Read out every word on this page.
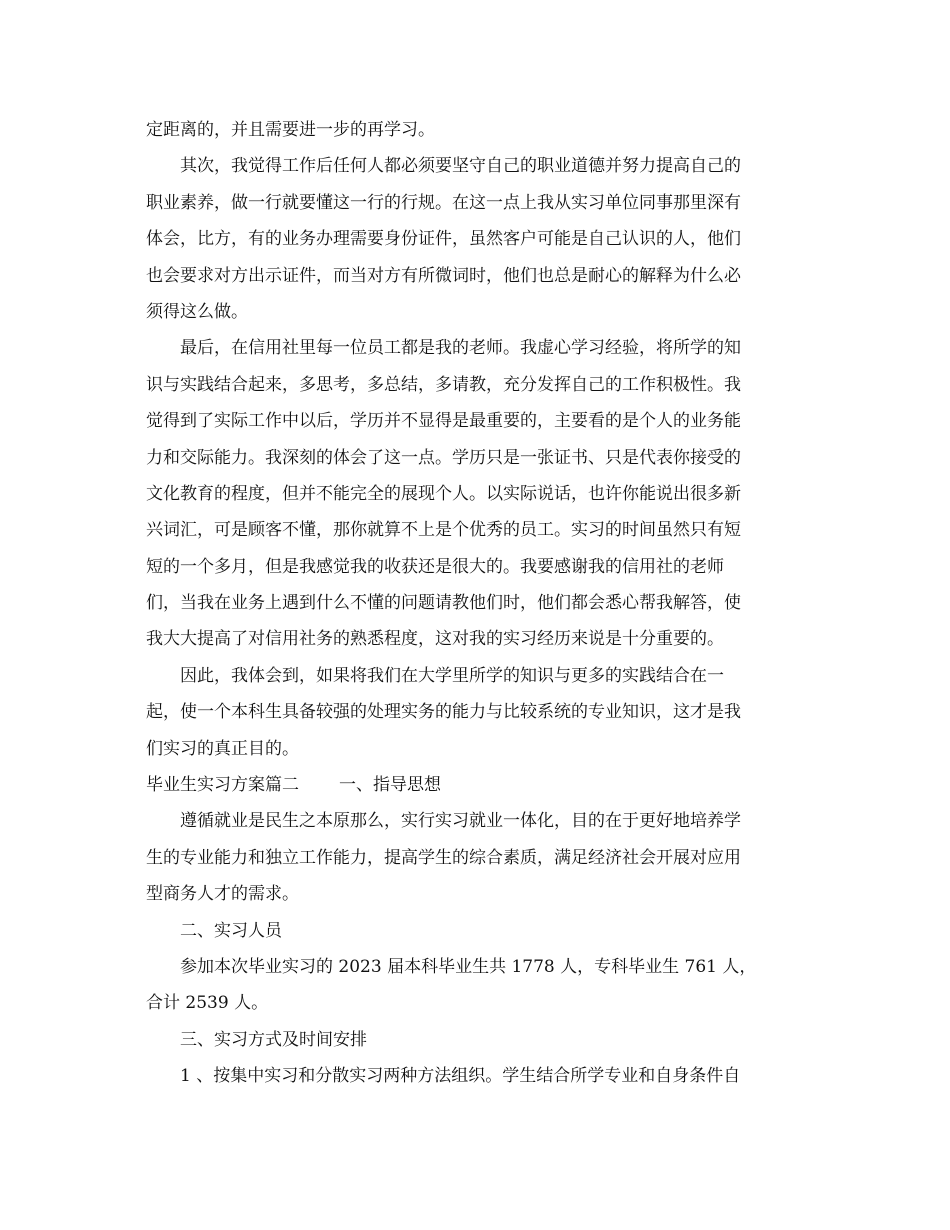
定距离的，并且需要进一步的再学习。
其次，我觉得工作后任何人都必须要坚守自己的职业道德并努力提高自己的
职业素养，做一行就要懂这一行的行规。在这一点上我从实习单位同事那里深有
体会，比方，有的业务办理需要身份证件，虽然客户可能是自己认识的人，他们
也会要求对方出示证件，而当对方有所微词时，他们也总是耐心的解释为什么必
须得这么做。
最后，在信用社里每一位员工都是我的老师。我虚心学习经验，将所学的知
识与实践结合起来，多思考，多总结，多请教，充分发挥自己的工作积极性。我
觉得到了实际工作中以后，学历并不显得是最重要的，主要看的是个人的业务能
力和交际能力。我深刻的体会了这一点。学历只是一张证书、只是代表你接受的
文化教育的程度，但并不能完全的展现个人。以实际说话，也许你能说出很多新
兴词汇，可是顾客不懂，那你就算不上是个优秀的员工。实习的时间虽然只有短
短的一个多月，但是我感觉我的收获还是很大的。我要感谢我的信用社的老师
们，当我在业务上遇到什么不懂的问题请教他们时，他们都会悉心帮我解答，使
我大大提高了对信用社务的熟悉程度，这对我的实习经历来说是十分重要的。
因此，我体会到，如果将我们在大学里所学的知识与更多的实践结合在一
起，使一个本科生具备较强的处理实务的能力与比较系统的专业知识，这才是我
们实习的真正目的。
毕业生实习方案篇二 一、指导思想
遵循就业是民生之本原那么，实行实习就业一体化，目的在于更好地培养学
生的专业能力和独立工作能力，提高学生的综合素质，满足经济社会开展对应用
型商务人才的需求。
二、实习人员
参加本次毕业实习的 2023 届本科毕业生共 1778 人，专科毕业生 761 人，
合计 2539 人。
三、实习方式及时间安排
1 、按集中实习和分散实习两种方法组织。学生结合所学专业和自身条件自
